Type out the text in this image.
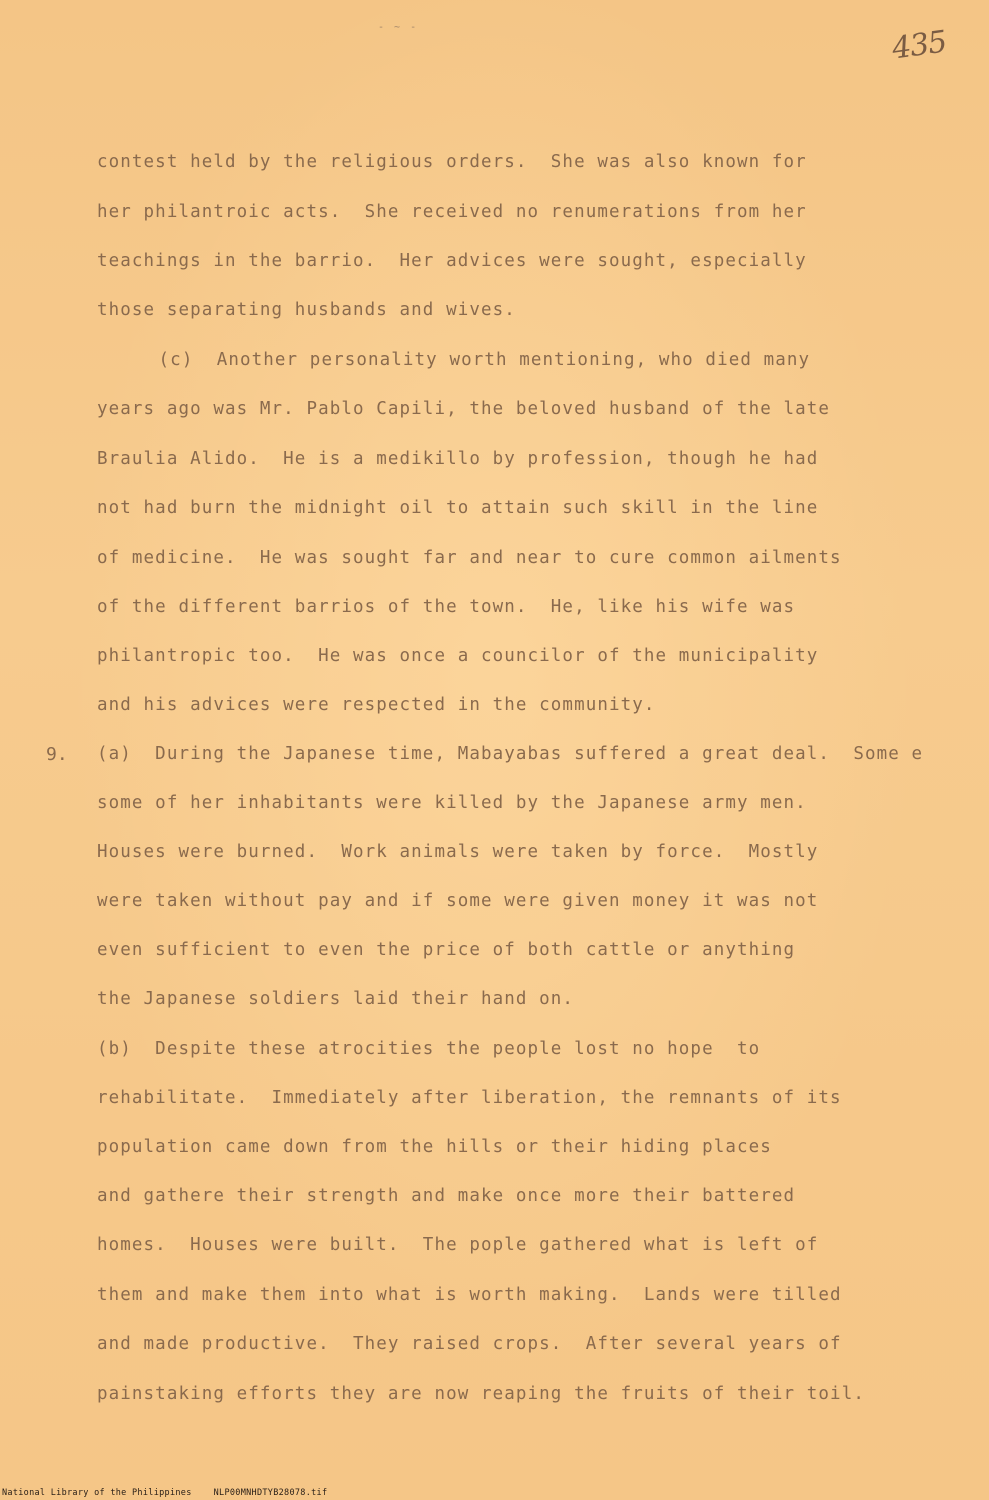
- ~ -	435
contest held by the religious orders.  She was also known for
her philantroic acts.  She received no renumerations from her
teachings in the barrio.  Her advices were sought, especially
those separating husbands and wives.
(c)  Another personality worth mentioning, who died many
years ago was Mr. Pablo Capili, the beloved husband of the late
Braulia Alido.  He is a medikillo by profession, though he had
not had burn the midnight oil to attain such skill in the line
of medicine.  He was sought far and near to cure common ailments
of the different barrios of the town.  He, like his wife was
philantropic too.  He was once a councilor of the municipality
and his advices were respected in the community.
9. (a)  During the Japanese time, Mabayabas suffered a great deal.  Some e
some of her inhabitants were killed by the Japanese army men.
Houses were burned.  Work animals were taken by force.  Mostly
were taken without pay and if some were given money it was not
even sufficient to even the price of both cattle or anything
the Japanese soldiers laid their hand on.
(b)  Despite these atrocities the people lost no hope  to
rehabilitate.  Immediately after liberation, the remnants of its
population came down from the hills or their hiding places
and gathere their strength and make once more their battered
homes.  Houses were built.  The pople gathered what is left of
them and make them into what is worth making.  Lands were tilled
and made productive.  They raised crops.  After several years of
painstaking efforts they are now reaping the fruits of their toil.
National Library of the Philippines	NLP00MNHDTYB28078.tif
